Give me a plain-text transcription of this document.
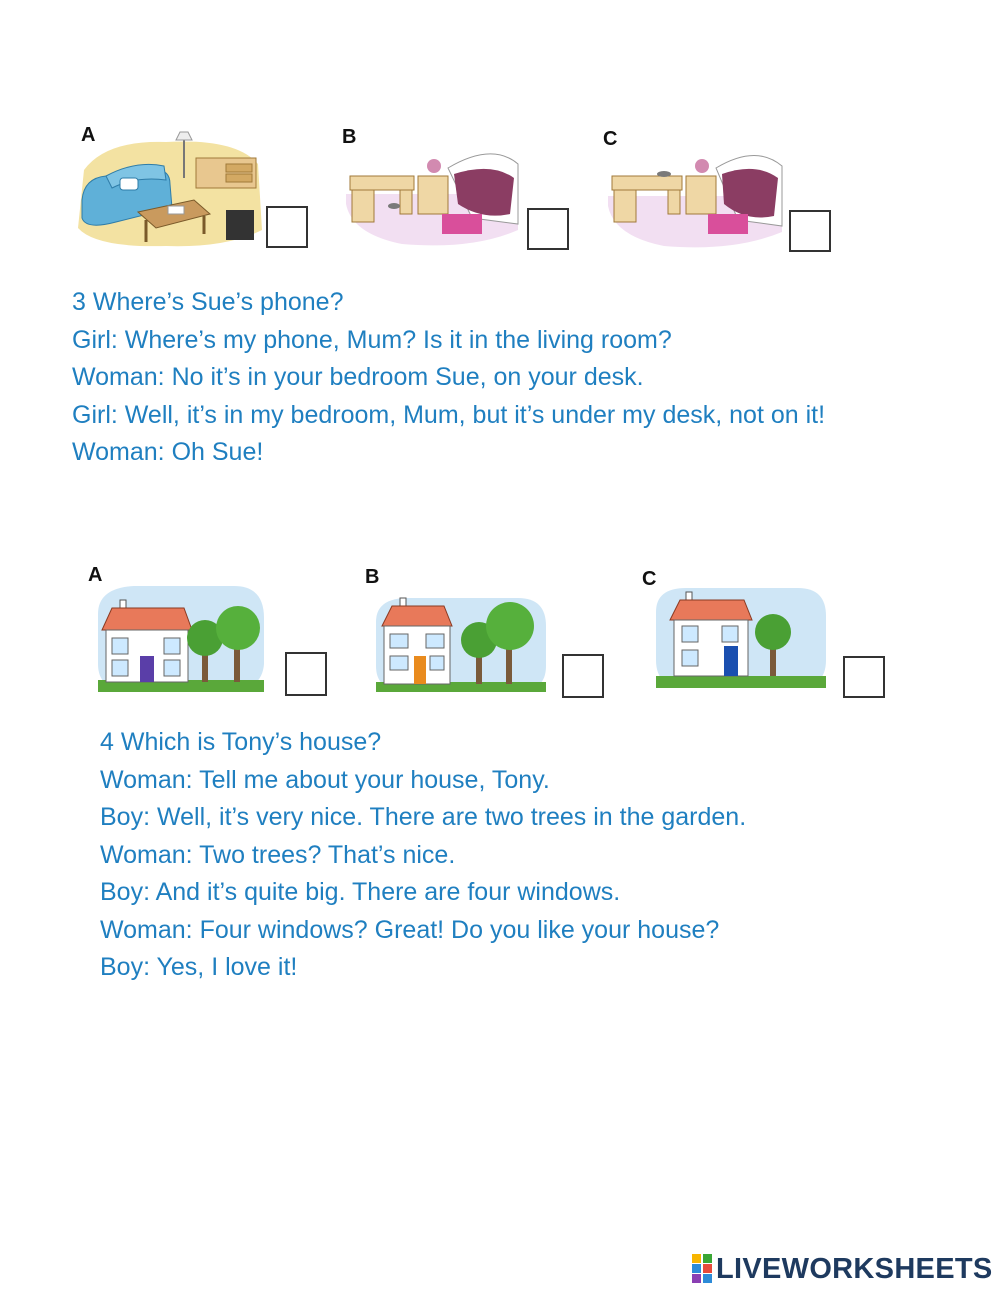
A	B	C
3 Where’s Sue’s phone?
Girl: Where’s my phone, Mum? Is it in the living room?
Woman: No it’s in your bedroom Sue, on your desk.
Girl: Well, it’s in my bedroom, Mum, but it’s under my desk, not on it!
Woman: Oh Sue!
A	B	C
4 Which is Tony’s house?
Woman: Tell me about your house, Tony.
Boy: Well, it’s very nice. There are two trees in the garden.
Woman: Two trees? That’s nice.
Boy: And it’s quite big. There are four windows.
Woman: Four windows? Great! Do you like your house?
Boy: Yes, I love it!
LIVEWORKSHEETS
